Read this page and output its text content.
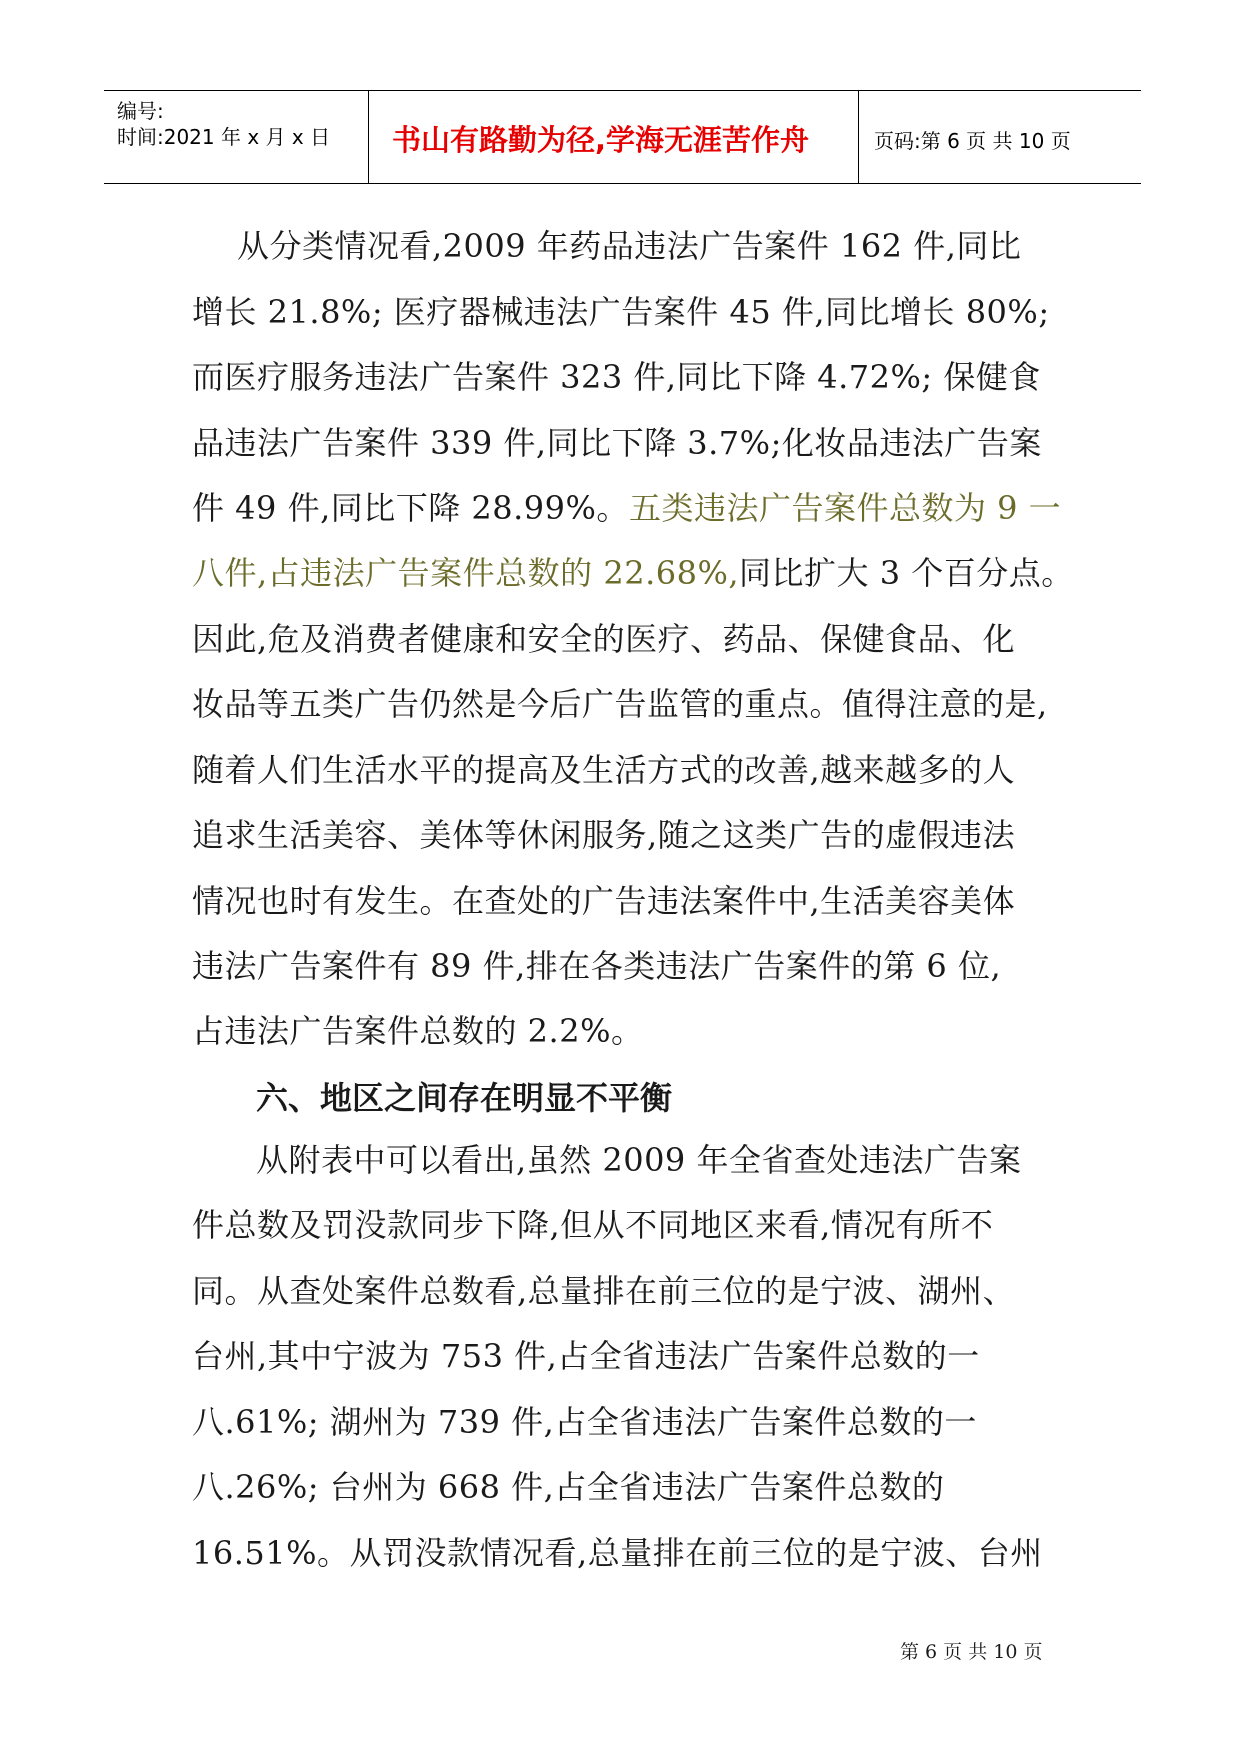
编号:
时间:2021 年 x 月 x 日 书山有路勤为径,学海无涯苦作舟	页码:第 6 页 共 10 页
从分类情况看,2009 年药品违法广告案件 162 件,同比
增长 21.8%; 医疗器械违法广告案件 45 件,同比增长 80%;
而医疗服务违法广告案件 323 件,同比下降 4.72%; 保健食
品违法广告案件 339 件,同比下降 3.7%;化妆品违法广告案
件 49 件,同比下降 28.99%。五类违法广告案件总数为 9 一
八件,占违法广告案件总数的 22.68%,同比扩大 3 个百分点。
因此,危及消费者健康和安全的医疗、药品、保健食品、化
妆品等五类广告仍然是今后广告监管的重点。值得注意的是,
随着人们生活水平的提高及生活方式的改善,越来越多的人
追求生活美容、美体等休闲服务,随之这类广告的虚假违法
情况也时有发生。在查处的广告违法案件中,生活美容美体
违法广告案件有 89 件,排在各类违法广告案件的第 6 位,
占违法广告案件总数的 2.2%。
六、地区之间存在明显不平衡
从附表中可以看出,虽然 2009 年全省查处违法广告案
件总数及罚没款同步下降,但从不同地区来看,情况有所不
同。从查处案件总数看,总量排在前三位的是宁波、湖州、
台州,其中宁波为 753 件,占全省违法广告案件总数的一
八.61%; 湖州为 739 件,占全省违法广告案件总数的一
八.26%; 台州为 668 件,占全省违法广告案件总数的
16.51%。从罚没款情况看,总量排在前三位的是宁波、台州
第 6 页 共 10 页
